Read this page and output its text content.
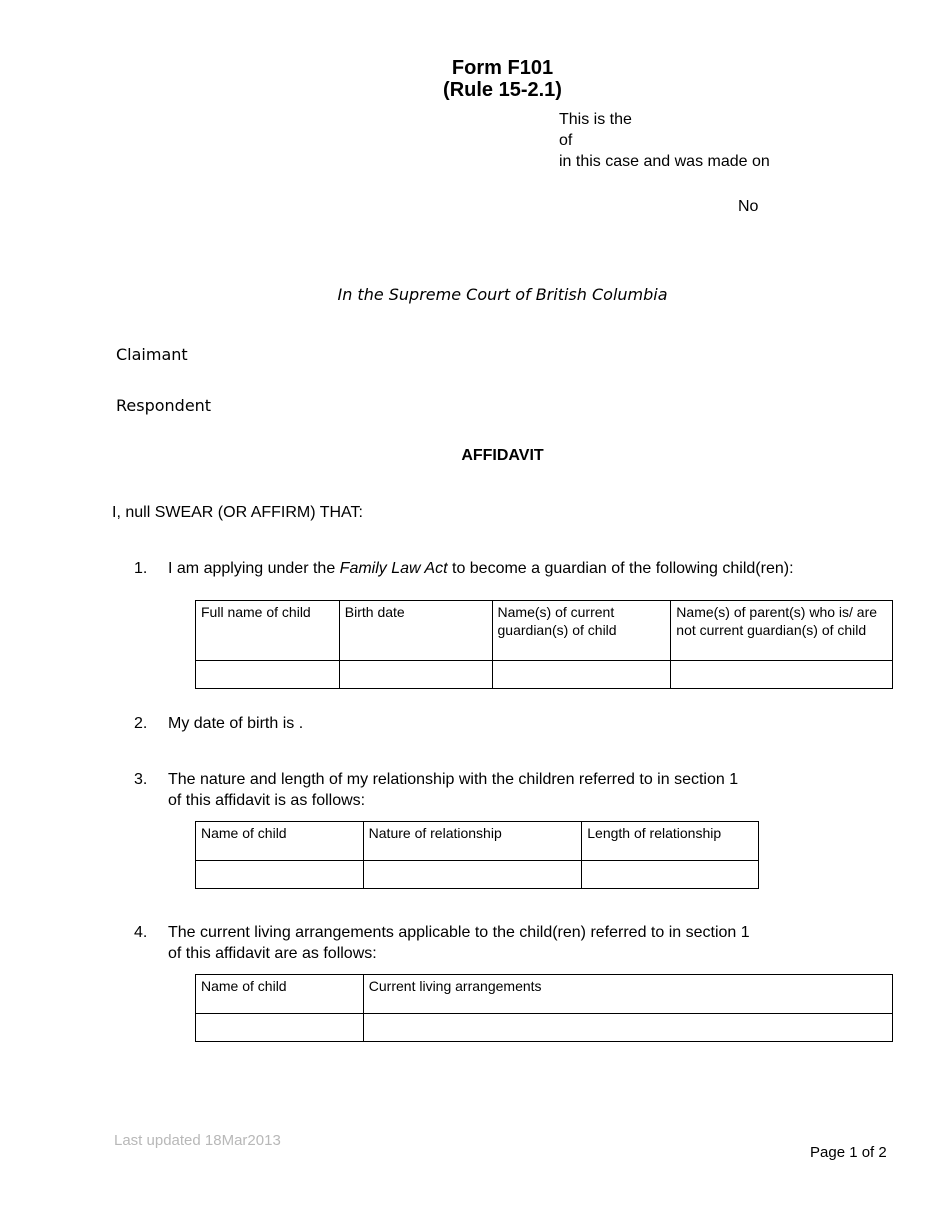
Form F101
(Rule 15-2.1)
This is the
of
in this case and was made on
No
In the Supreme Court of British Columbia
Claimant
Respondent
AFFIDAVIT
I, null SWEAR (OR AFFIRM) THAT:
1. I am applying under the Family Law Act to become a guardian of the following child(ren):
Full name of child	Birth date	Name(s) of current guardian(s) of child	Name(s) of parent(s) who is/ are not current guardian(s) of child

2. My date of birth is .
3. The nature and length of my relationship with the children referred to in section 1
of this affidavit is as follows:
Name of child	Nature of relationship	Length of relationship

4. The current living arrangements applicable to the child(ren) referred to in section 1
of this affidavit are as follows:
Name of child	Current living arrangements

Last updated 18Mar2013
Page 1 of 2
